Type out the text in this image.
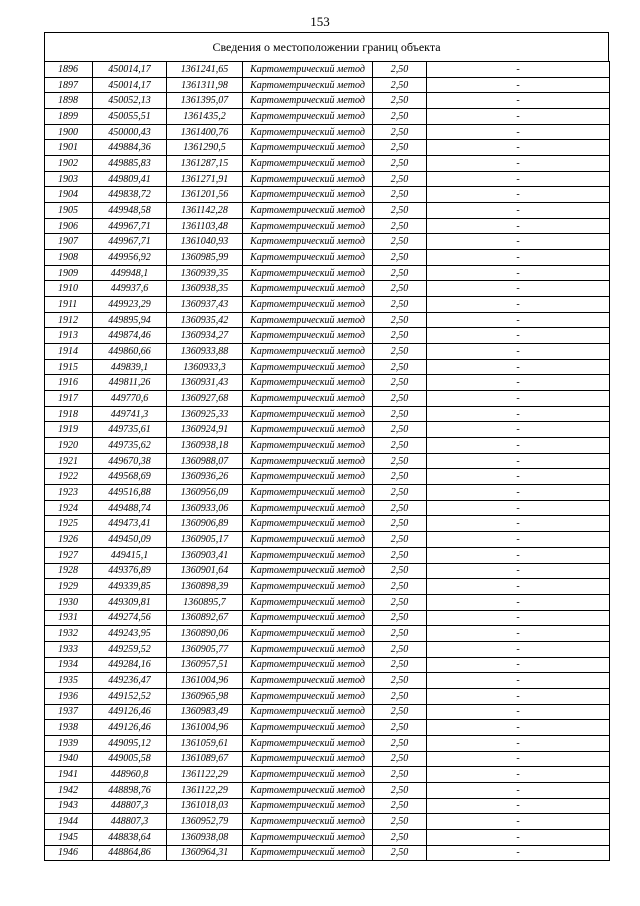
153
Сведения о местоположении границ объекта
1896	450014,17	1361241,65	Картометрический метод	2,50	-
1897	450014,17	1361311,98	Картометрический метод	2,50	-
1898	450052,13	1361395,07	Картометрический метод	2,50	-
1899	450055,51	1361435,2	Картометрический метод	2,50	-
1900	450000,43	1361400,76	Картометрический метод	2,50	-
1901	449884,36	1361290,5	Картометрический метод	2,50	-
1902	449885,83	1361287,15	Картометрический метод	2,50	-
1903	449809,41	1361271,91	Картометрический метод	2,50	-
1904	449838,72	1361201,56	Картометрический метод	2,50	-
1905	449948,58	1361142,28	Картометрический метод	2,50	-
1906	449967,71	1361103,48	Картометрический метод	2,50	-
1907	449967,71	1361040,93	Картометрический метод	2,50	-
1908	449956,92	1360985,99	Картометрический метод	2,50	-
1909	449948,1	1360939,35	Картометрический метод	2,50	-
1910	449937,6	1360938,35	Картометрический метод	2,50	-
1911	449923,29	1360937,43	Картометрический метод	2,50	-
1912	449895,94	1360935,42	Картометрический метод	2,50	-
1913	449874,46	1360934,27	Картометрический метод	2,50	-
1914	449860,66	1360933,88	Картометрический метод	2,50	-
1915	449839,1	1360933,3	Картометрический метод	2,50	-
1916	449811,26	1360931,43	Картометрический метод	2,50	-
1917	449770,6	1360927,68	Картометрический метод	2,50	-
1918	449741,3	1360925,33	Картометрический метод	2,50	-
1919	449735,61	1360924,91	Картометрический метод	2,50	-
1920	449735,62	1360938,18	Картометрический метод	2,50	-
1921	449670,38	1360988,07	Картометрический метод	2,50	-
1922	449568,69	1360936,26	Картометрический метод	2,50	-
1923	449516,88	1360956,09	Картометрический метод	2,50	-
1924	449488,74	1360933,06	Картометрический метод	2,50	-
1925	449473,41	1360906,89	Картометрический метод	2,50	-
1926	449450,09	1360905,17	Картометрический метод	2,50	-
1927	449415,1	1360903,41	Картометрический метод	2,50	-
1928	449376,89	1360901,64	Картометрический метод	2,50	-
1929	449339,85	1360898,39	Картометрический метод	2,50	-
1930	449309,81	1360895,7	Картометрический метод	2,50	-
1931	449274,56	1360892,67	Картометрический метод	2,50	-
1932	449243,95	1360890,06	Картометрический метод	2,50	-
1933	449259,52	1360905,77	Картометрический метод	2,50	-
1934	449284,16	1360957,51	Картометрический метод	2,50	-
1935	449236,47	1361004,96	Картометрический метод	2,50	-
1936	449152,52	1360965,98	Картометрический метод	2,50	-
1937	449126,46	1360983,49	Картометрический метод	2,50	-
1938	449126,46	1361004,96	Картометрический метод	2,50	-
1939	449095,12	1361059,61	Картометрический метод	2,50	-
1940	449005,58	1361089,67	Картометрический метод	2,50	-
1941	448960,8	1361122,29	Картометрический метод	2,50	-
1942	448898,76	1361122,29	Картометрический метод	2,50	-
1943	448807,3	1361018,03	Картометрический метод	2,50	-
1944	448807,3	1360952,79	Картометрический метод	2,50	-
1945	448838,64	1360938,08	Картометрический метод	2,50	-
1946	448864,86	1360964,31	Картометрический метод	2,50	-
